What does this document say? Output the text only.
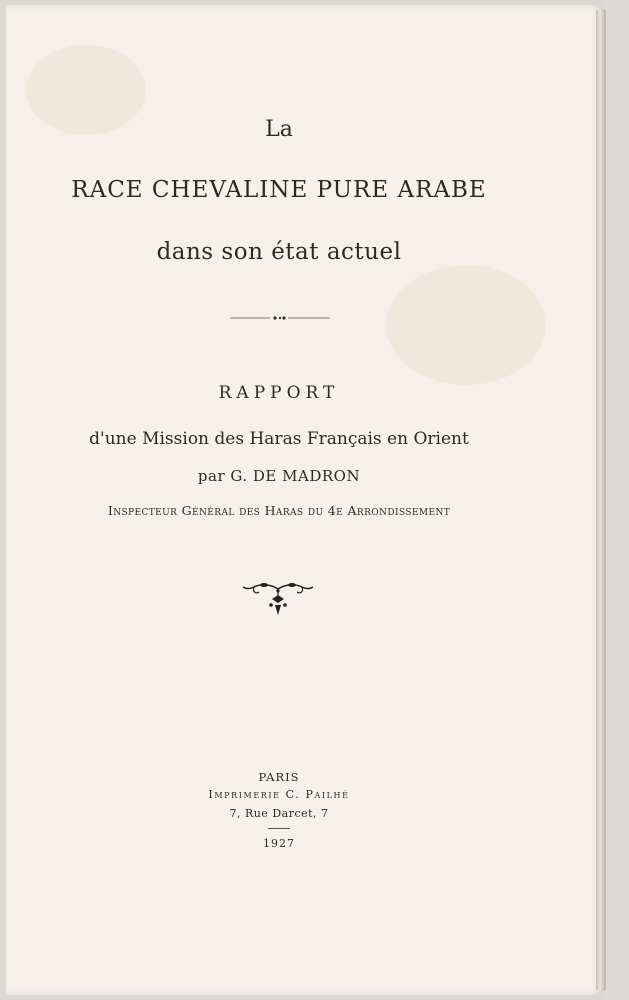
La
RACE CHEVALINE PURE ARABE
dans son état actuel
RAPPORT
d'une Mission des Haras Français en Orient
par G. DE MADRON
Inspecteur Général des Haras du 4e Arrondissement
PARIS
Imprimerie C. Pailhé
7, Rue Darcet, 7
1927
